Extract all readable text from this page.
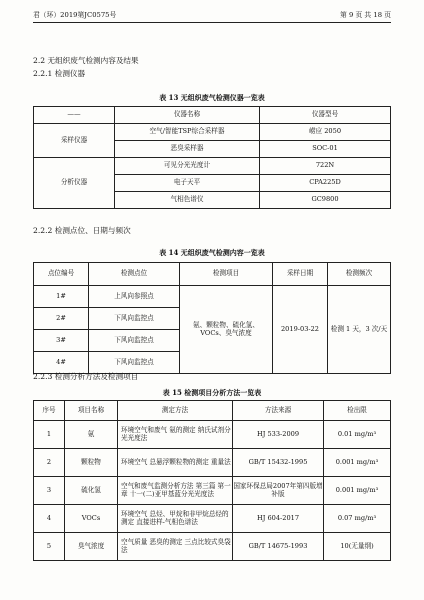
君（环）2019第JC0575号	第 9 页 共 18 页
2.2 无组织废气检测内容及结果
2.2.1 检测仪器
表 13 无组织废气检测仪器一览表
——	仪器名称	仪器型号
采样仪器	空气/智能TSP综合采样器	崂应 2050
	恶臭采样器	SOC-01
分析仪器	可见分光光度计	722N
	电子天平	CPA225D
	气相色谱仪	GC9800
2.2.2 检测点位、日期与频次
表 14 无组织废气检测内容一览表
点位编号	检测点位	检测项目	采样日期	检测频次
1#	上风向参照点	氨、颗粒物、硫化氢、VOCs、臭气浓度	2019-03-22	检测 1 天，3 次/天
2#	下风向监控点			
3#	下风向监控点			
4#	下风向监控点			
2.2.3 检测分析方法及检测项目
表 15 检测项目分析方法一览表
序号	项目名称	测定方法	方法来源	检出限
1	氨	环境空气和废气 氨的测定 纳氏试剂分光光度法	HJ 533-2009	0.01 mg/m³
2	颗粒物	环境空气 总悬浮颗粒物的测定 重量法	GB/T 15432-1995	0.001 mg/m³
3	硫化氢	空气和废气监测分析方法 第三篇 第一章 十一(二)亚甲基蓝分光光度法	国家环保总局2007年第四版增补版	0.001 mg/m³
4	VOCs	环境空气 总烃、甲烷和非甲烷总烃的测定 直接进样-气相色谱法	HJ 604-2017	0.07 mg/m³
5	臭气浓度	空气质量 恶臭的测定 三点比较式臭袋法	GB/T 14675-1993	10(无量纲)
